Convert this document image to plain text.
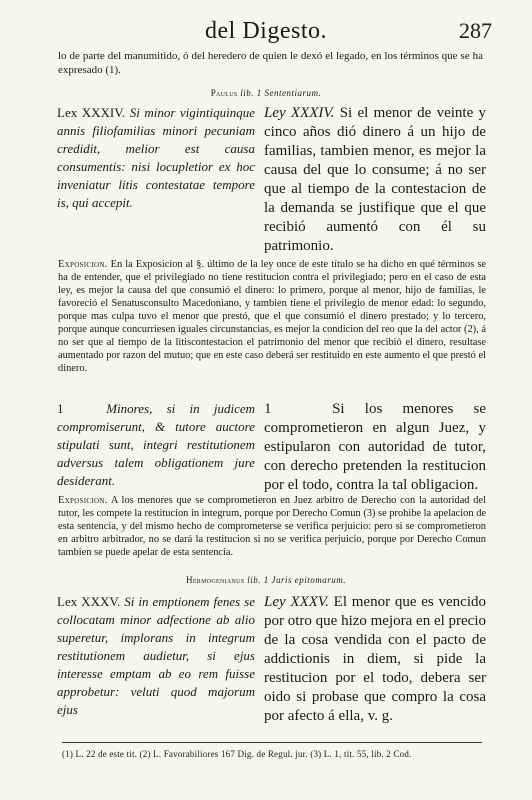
del Digesto.	287
lo de parte del manumitido, ó del heredero de quien le dexó el legado, en los términos que se ha expresado (1).
Paulus lib. 1 Sententiarum.
Lex XXXIV. Si minor vigintiquinque annis filiofamilias minori pecuniam credidit, melior est causa consumentis: nisi locupletior ex hoc inveniatur litis contestatae tempore is, qui accepit.
Ley XXXIV. Si el menor de veinte y cinco años dió dinero á un hijo de familias, tambien menor, es mejor la causa del que lo consume; á no ser que al tiempo de la contestacion de la demanda se justifique que el que recibió aumentó con él su patrimonio.
Exposicion. En la Exposicion al §. último de la ley once de este título se ha dicho en qué términos se ha de entender, que el privilegiado no tiene restitucion contra el privilegiado; pero en el caso de esta ley, es mejor la causa del que consumió el dinero: lo primero, porque al menor, hijo de familias, le favoreció el Senatusconsulto Macedoniano, y tambien tiene el privilegio de menor edad: lo segundo, porque mas culpa tuvo el menor que prestó, que el que consumió el dinero prestado; y lo tercero, porque aunque concurriesen iguales circunstancias, es mejor la condicion del reo que la del actor (2), á no ser que al tiempo de la litiscontestacion el patrimonio del menor que recibió el dinero, resultase aumentado por razon del mutuo; que en este caso deberá ser restituido en este aumento el que prestó el dinero.
1	Minores, si in judicem compromiserunt, & tutore auctore stipulati sunt, integri restitutionem adversus talem obligationem jure desiderant.
1	Si los menores se comprometieron en algun Juez, y estipularon con autoridad de tutor, con derecho pretenden la restitucion por el todo, contra la tal obligacion.
Exposicion. A los menores que se comprometieron en Juez arbitro de Derecho con la autoridad del tutor, les compete la restitucion in integrum, porque por Derecho Comun (3) se prohibe la apelacion de esta sentencia, y del mismo hecho de comprometerse se verifica perjuicio: pero si se comprometieron en arbitro arbitrador, no se dará la restitucion si no se verifica perjuicio, porque por Derecho Comun tambien se puede apelar de esta sentencia.
Hermogenianus lib. 1 Juris epitomarum.
Lex XXXV. Si in emptionem fenes se collocatam minor adfectione ab alio superetur, implorans in integrum restitutionem audietur, si ejus interesse emptam ab eo rem fuisse approbetur: veluti quod majorum ejus
Ley XXXV. El menor que es vencido por otro que hizo mejora en el precio de la cosa vendida con el pacto de addictionis in diem, si pide la restitucion por el todo, debera ser oido si probase que compro la cosa por afecto á ella, v. g.
(1) L. 22 de este tit. (2) L. Favorabiliores 167 Dig. de Regul. jur. (3) L. 1, tit. 55, lib. 2 Cod.
